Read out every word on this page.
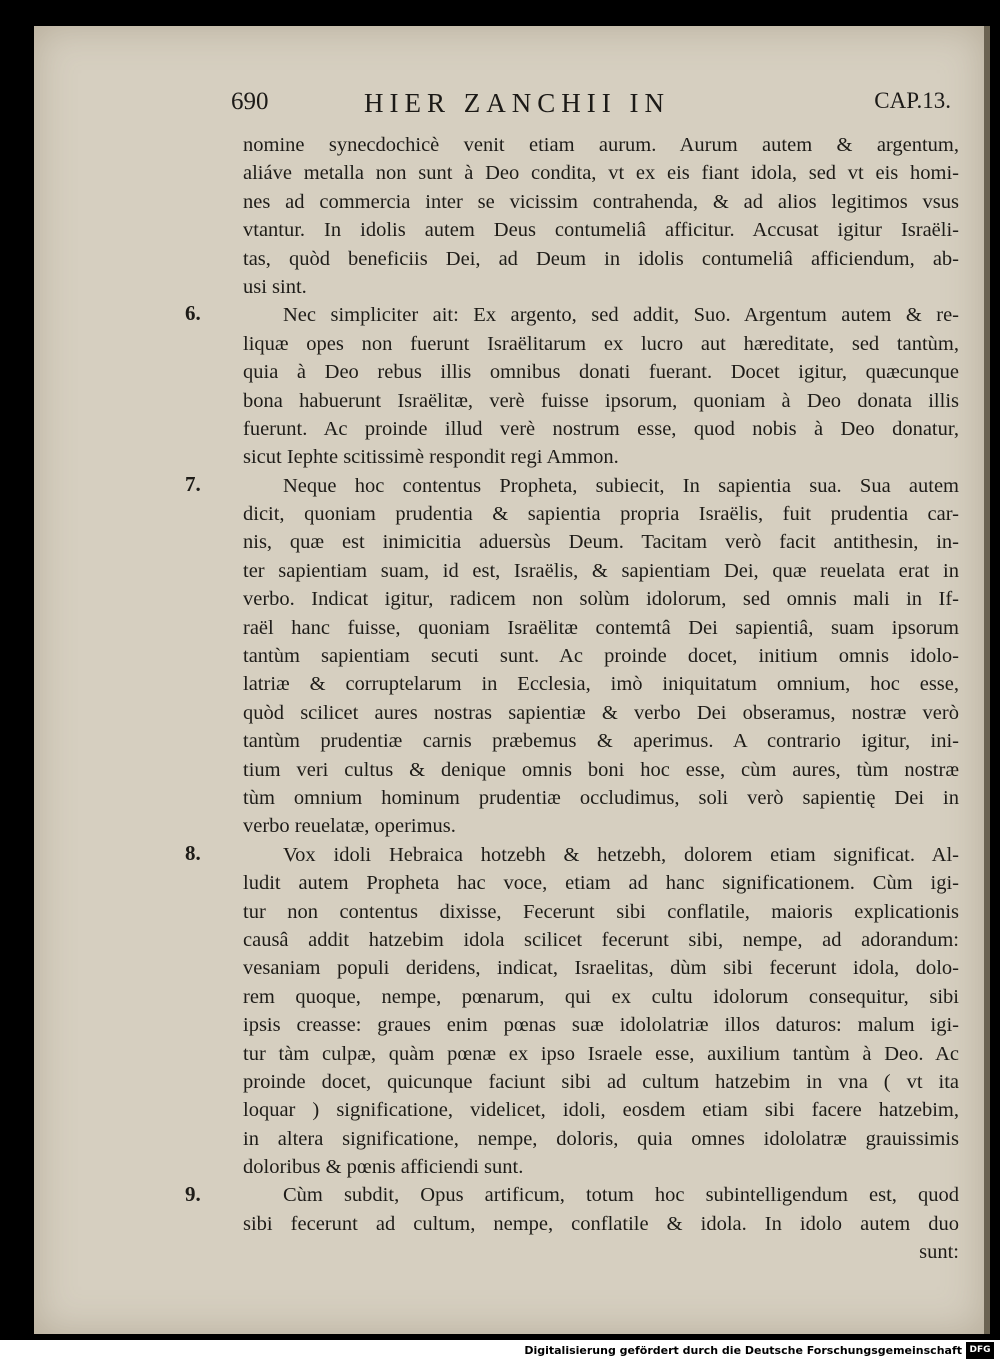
690	HIER ZANCHII IN	CAP.13.
nomine synecdochicè venit etiam aurum. Aurum autem & argentum,
aliáve metalla non sunt à Deo condita, vt ex eis fiant idola, sed vt eis homi-
nes ad commercia inter se vicissim contrahenda, & ad alios legitimos vsus
vtantur. In idolis autem Deus contumeliâ afficitur. Accusat igitur Israëli-
tas, quòd beneficiis Dei, ad Deum in idolis contumeliâ afficiendum, ab-
usi sint.
Nec simpliciter ait: Ex argento, sed addit, Suo. Argentum autem & re-
6.
liquæ opes non fuerunt Israëlitarum ex lucro aut hæreditate, sed tantùm,
quia à Deo rebus illis omnibus donati fuerant. Docet igitur, quæcunque
bona habuerunt Israëlitæ, verè fuisse ipsorum, quoniam à Deo donata illis
fuerunt. Ac proinde illud verè nostrum esse, quod nobis à Deo donatur,
sicut Iephte scitissimè respondit regi Ammon.
Neque hoc contentus Propheta, subiecit, In sapientia sua. Sua autem
7.
dicit, quoniam prudentia & sapientia propria Israëlis, fuit prudentia car-
nis, quæ est inimicitia aduersùs Deum. Tacitam verò facit antithesin, in-
ter sapientiam suam, id est, Israëlis, & sapientiam Dei, quæ reuelata erat in
verbo. Indicat igitur, radicem non solùm idolorum, sed omnis mali in If-
raël hanc fuisse, quoniam Israëlitæ contemtâ Dei sapientiâ, suam ipsorum
tantùm sapientiam secuti sunt. Ac proinde docet, initium omnis idolo-
latriæ & corruptelarum in Ecclesia, imò iniquitatum omnium, hoc esse,
quòd scilicet aures nostras sapientiæ & verbo Dei obseramus, nostræ verò
tantùm prudentiæ carnis præbemus & aperimus. A contrario igitur, ini-
tium veri cultus & denique omnis boni hoc esse, cùm aures, tùm nostræ
tùm omnium hominum prudentiæ occludimus, soli verò sapientię Dei in
verbo reuelatæ, operimus.
Vox idoli Hebraica hotzebh & hetzebh, dolorem etiam significat. Al-
8.
ludit autem Propheta hac voce, etiam ad hanc significationem. Cùm igi-
tur non contentus dixisse, Fecerunt sibi conflatile, maioris explicationis
causâ addit hatzebim idola scilicet fecerunt sibi, nempe, ad adorandum:
vesaniam populi deridens, indicat, Israelitas, dùm sibi fecerunt idola, dolo-
rem quoque, nempe, pœnarum, qui ex cultu idolorum consequitur, sibi
ipsis creasse: graues enim pœnas suæ idololatriæ illos daturos: malum igi-
tur tàm culpæ, quàm pœnæ ex ipso Israele esse, auxilium tantùm à Deo. Ac
proinde docet, quicunque faciunt sibi ad cultum hatzebim in vna ( vt ita
loquar ) significatione, videlicet, idoli, eosdem etiam sibi facere hatzebim,
in altera significatione, nempe, doloris, quia omnes idololatræ grauissimis
doloribus & pœnis afficiendi sunt.
Cùm subdit, Opus artificum, totum hoc subintelligendum est, quod
9.
sibi fecerunt ad cultum, nempe, conflatile & idola. In idolo autem duo
sunt:
Digitalisierung gefördert durch die Deutsche Forschungsgemeinschaft DFG
